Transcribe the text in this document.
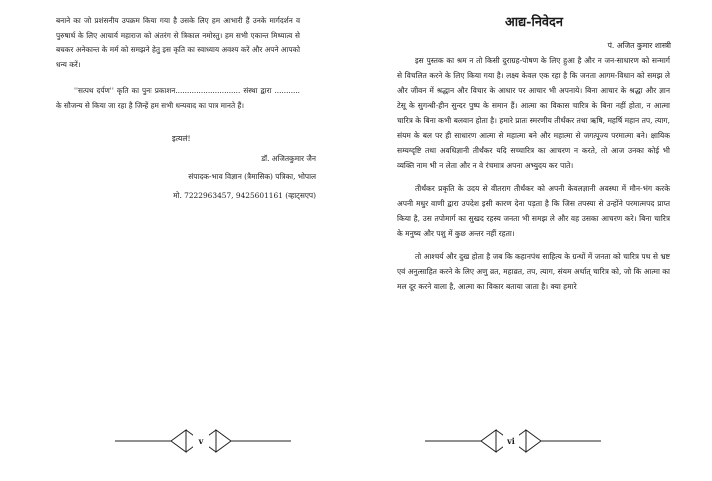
बनाने का जो प्रशंसनीय उपक्रम किया गया है उसके लिए हम आभारी हैं उनके मार्गदर्शन व पुरुषार्थ के लिए आचार्य महाराज को अंतरंग से त्रिकाल नमोस्तु। हम सभी एकान्त मिथ्यात्व से बचकर अनेकान्त के मर्म को समझने हेतु इस कृति का स्वाध्याय अवश्य करें और अपने आपको धन्य करें।

''सत्पथ दर्पण'' कृति का पुनः प्रकाशन............................ संस्था द्वारा ........... के सौजन्य से किया जा रहा है जिन्हें हम सभी धन्यवाद का पात्र मानते हैं।

इत्यलं!
डॉ. अजितकुमार जैन
संपादक-भाव विज्ञान (त्रैमासिक) पत्रिका, भोपाल
मो. 7222963457, 9425601161 (व्हाट्सएप)
v
आद्य-निवेदन
पं. अजित कुमार शास्त्री

इस पुस्तक का श्रम न तो किसी दुराग्रह-पोषण के लिए हुआ है और न जन-साधारण को सन्मार्ग से विचलित करने के लिए किया गया है। लक्ष्य केवल एक रहा है कि जनता आगम-विधान को समझ ले और जीवन में श्रद्धान और विचार के आधार पर आचार भी अपनाये। बिना आचार के श्रद्धा और ज्ञान टेसू के सुगन्धी-हीन सुन्दर पुष्प के समान हैं। आत्मा का विकास चारित्र के बिना नहीं होता, न आत्मा चारित्र के बिना कभी बलवान होता है। हमारे प्रातः स्मरणीय तीर्थंकर तथा ऋषि, महर्षि महान तप, त्याग, संयम के बल पर ही साधारण आत्मा से महात्मा बने और महात्मा से जगत्पूज्य परमात्मा बने। क्षायिक सम्यग्दृष्टि तथा अवधिज्ञानी तीर्थंकर यदि सच्चारित्र का आचरण न करते, तो आज उनका कोई भी व्यक्ति नाम भी न लेता और न वे रंचमात्र अपना अभ्युदय कर पाते।

तीर्थंकर प्रकृति के उदय से वीतराग तीर्थंकर को अपनी केवलज्ञानी अवस्था में मौन-भंग करके अपनी मधुर वाणी द्वारा उपदेश इसी कारण देना पड़ता है कि जिस तपस्या से उन्होंने परमात्मपद प्राप्त किया है, उस तपोमार्ग का सुखद रहस्य जनता भी समझ ले और वह उसका आचरण करे। बिना चारित्र के मनुष्य और पशु में कुछ अन्तर नहीं रहता।

तो आश्चर्य और दुख होता है जब कि कहानपंथ साहित्य के ग्रन्थों में जनता को चारित्र पथ से भ्रष्ट एवं अनुत्साहित करने के लिए अणु व्रत, महाव्रत, तप, त्याग, संयम अर्थात् चारित्र को, जो कि आत्मा का मल दूर करने वाला है, आत्मा का विकार बताया जाता है। क्या हमारे

vi
